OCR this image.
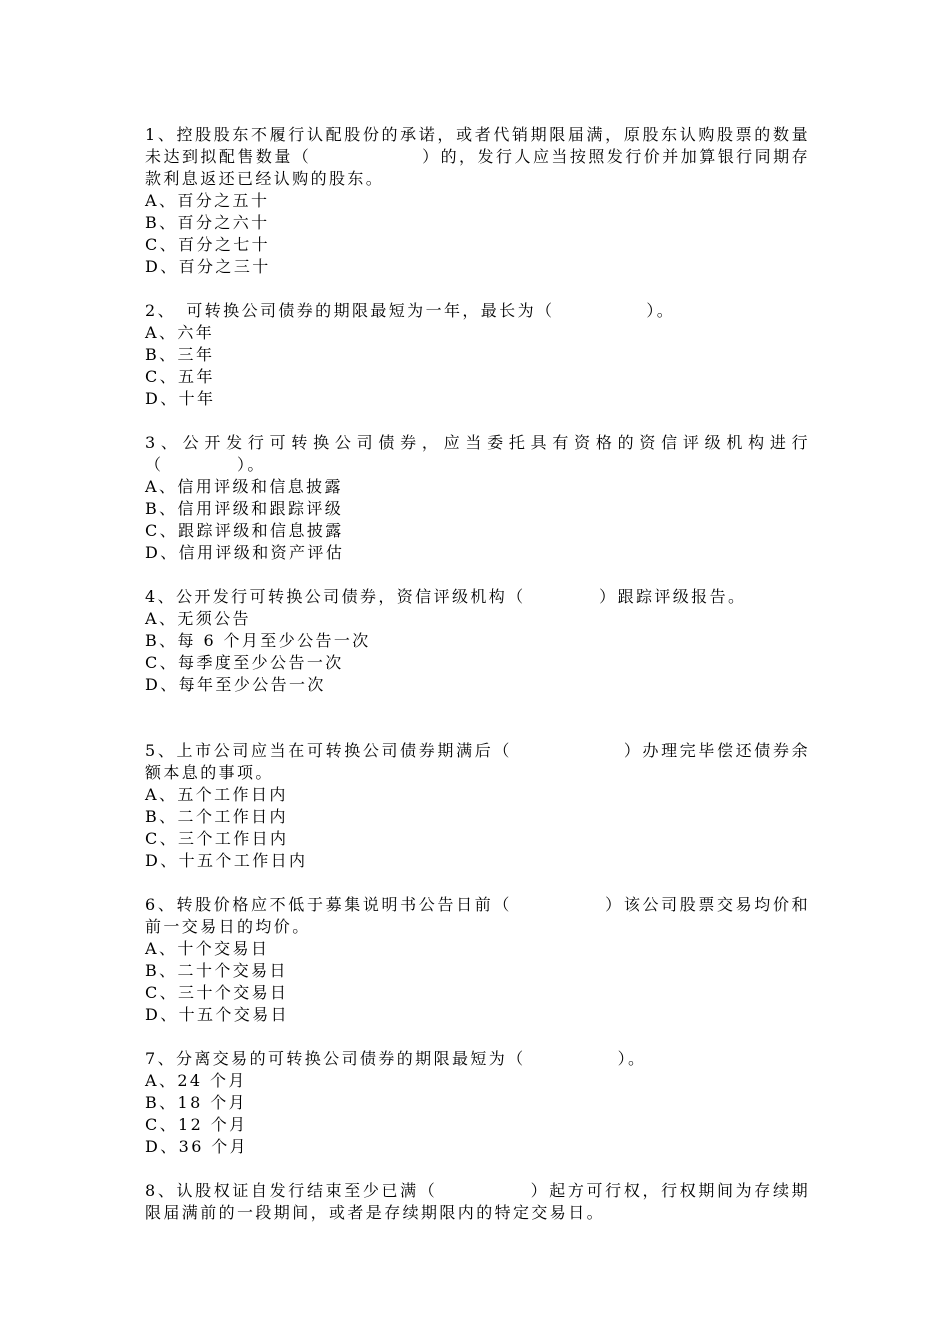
1、控股股东不履行认配股份的承诺，或者代销期限届满，原股东认购股票的数量未达到拟配售数量（　　　　　　）的，发行人应当按照发行价并加算银行同期存款利息返还已经认购的股东。

A、百分之五十

B、百分之六十

C、百分之七十

D、百分之三十

2、　可转换公司债券的期限最短为一年，最长为（　　　　　）。

A、六年

B、三年

C、五年

D、十年

3、公开发行可转换公司债券，应当委托具有资格的资信评级机构进行（　　　　）。

A、信用评级和信息披露

B、信用评级和跟踪评级

C、跟踪评级和信息披露

D、信用评级和资产评估

4、公开发行可转换公司债券，资信评级机构（　　　　）跟踪评级报告。

A、无须公告

B、每 6 个月至少公告一次

C、每季度至少公告一次

D、每年至少公告一次

5、上市公司应当在可转换公司债券期满后（　　　　　　）办理完毕偿还债券余额本息的事项。

A、五个工作日内

B、二个工作日内

C、三个工作日内

D、十五个工作日内

6、转股价格应不低于募集说明书公告日前（　　　　　）该公司股票交易均价和前一交易日的均价。

A、十个交易日

B、二十个交易日

C、三十个交易日

D、十五个交易日

7、分离交易的可转换公司债券的期限最短为（　　　　　）。

A、24 个月

B、18 个月

C、12 个月

D、36 个月

8、认股权证自发行结束至少已满（　　　　　）起方可行权，行权期间为存续期限届满前的一段期间，或者是存续期限内的特定交易日。
